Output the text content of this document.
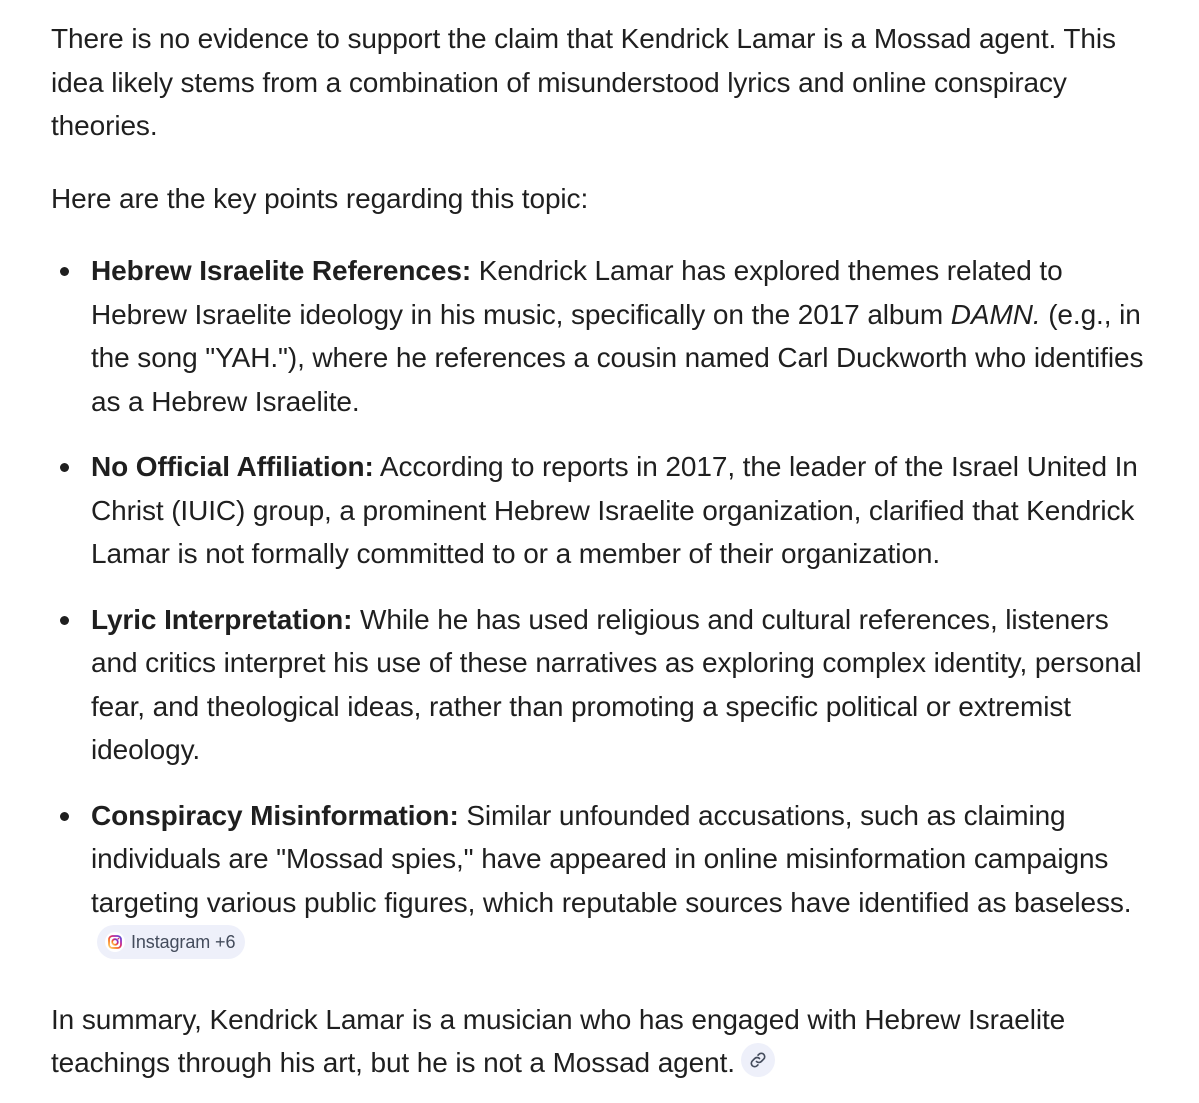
There is no evidence to support the claim that Kendrick Lamar is a Mossad agent. This idea likely stems from a combination of misunderstood lyrics and online conspiracy theories.

Here are the key points regarding this topic:

Hebrew Israelite References: Kendrick Lamar has explored themes related to Hebrew Israelite ideology in his music, specifically on the 2017 album DAMN. (e.g., in the song "YAH."), where he references a cousin named Carl Duckworth who identifies as a Hebrew Israelite.
No Official Affiliation: According to reports in 2017, the leader of the Israel United In Christ (IUIC) group, a prominent Hebrew Israelite organization, clarified that Kendrick Lamar is not formally committed to or a member of their organization.
Lyric Interpretation: While he has used religious and cultural references, listeners and critics interpret his use of these narratives as exploring complex identity, personal fear, and theological ideas, rather than promoting a specific political or extremist ideology.
Conspiracy Misinformation: Similar unfounded accusations, such as claiming individuals are "Mossad spies," have appeared in online misinformation campaigns targeting various public figures, which reputable sources have identified as baseless.
Instagram +6

In summary, Kendrick Lamar is a musician who has engaged with Hebrew Israelite teachings through his art, but he is not a Mossad agent.
